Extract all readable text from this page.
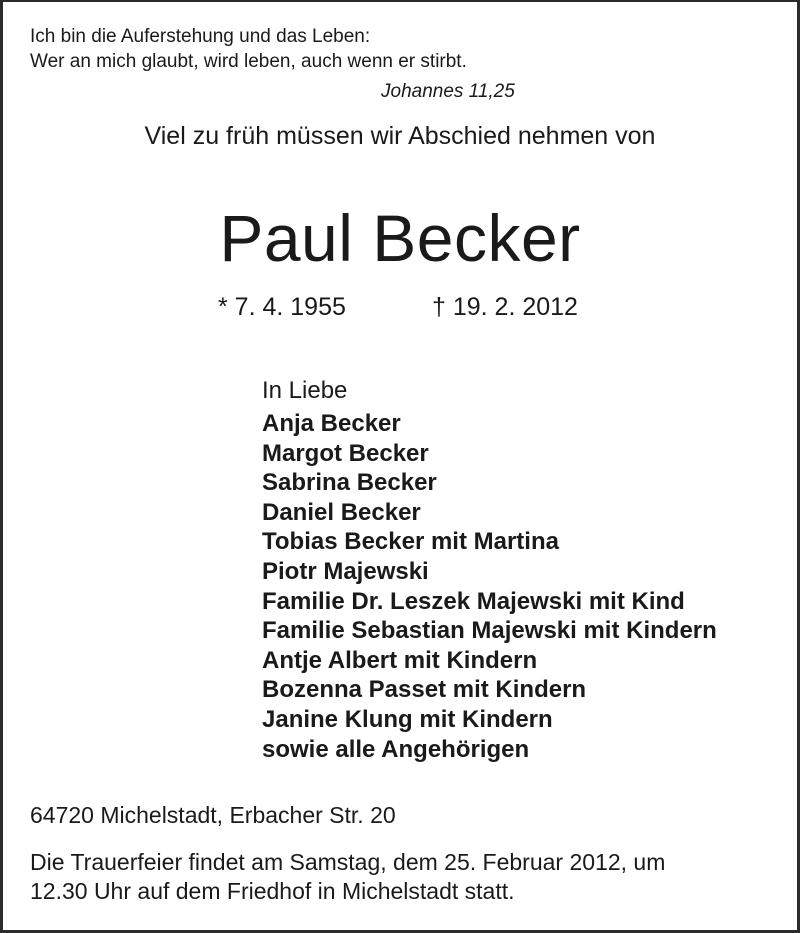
Ich bin die Auferstehung und das Leben:
Wer an mich glaubt, wird leben, auch wenn er stirbt.
Johannes 11,25
Viel zu früh müssen wir Abschied nehmen von
Paul Becker
* 7. 4. 1955	† 19. 2. 2012
In Liebe
Anja Becker
Margot Becker
Sabrina Becker
Daniel Becker
Tobias Becker mit Martina
Piotr Majewski
Familie Dr. Leszek Majewski mit Kind
Familie Sebastian Majewski mit Kindern
Antje Albert mit Kindern
Bozenna Passet mit Kindern
Janine Klung mit Kindern
sowie alle Angehörigen
64720 Michelstadt, Erbacher Str. 20
Die Trauerfeier findet am Samstag, dem 25. Februar 2012, um
12.30 Uhr auf dem Friedhof in Michelstadt statt.
